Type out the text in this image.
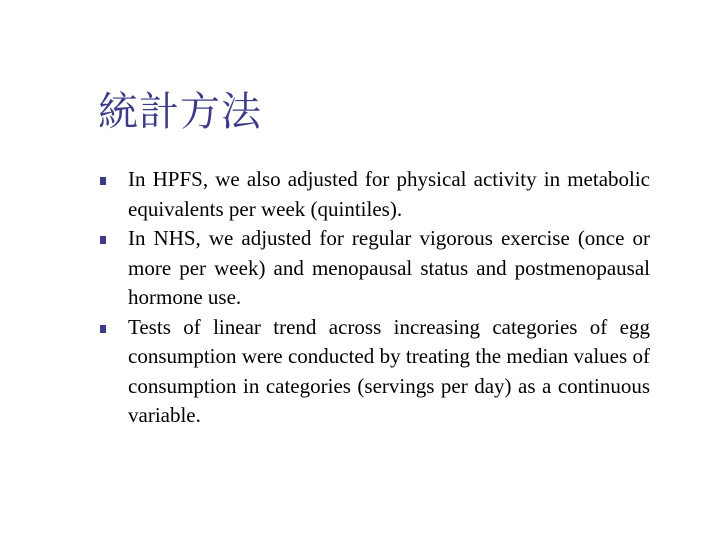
統計方法
In HPFS, we also adjusted for physical activity in metabolic equivalents per week (quintiles).
In NHS, we adjusted for regular vigorous exercise (once or more per week) and menopausal status and postmenopausal hormone use.
Tests of linear trend across increasing categories of egg consumption were conducted by treating the median values of consumption in categories (servings per day) as a continuous variable.
